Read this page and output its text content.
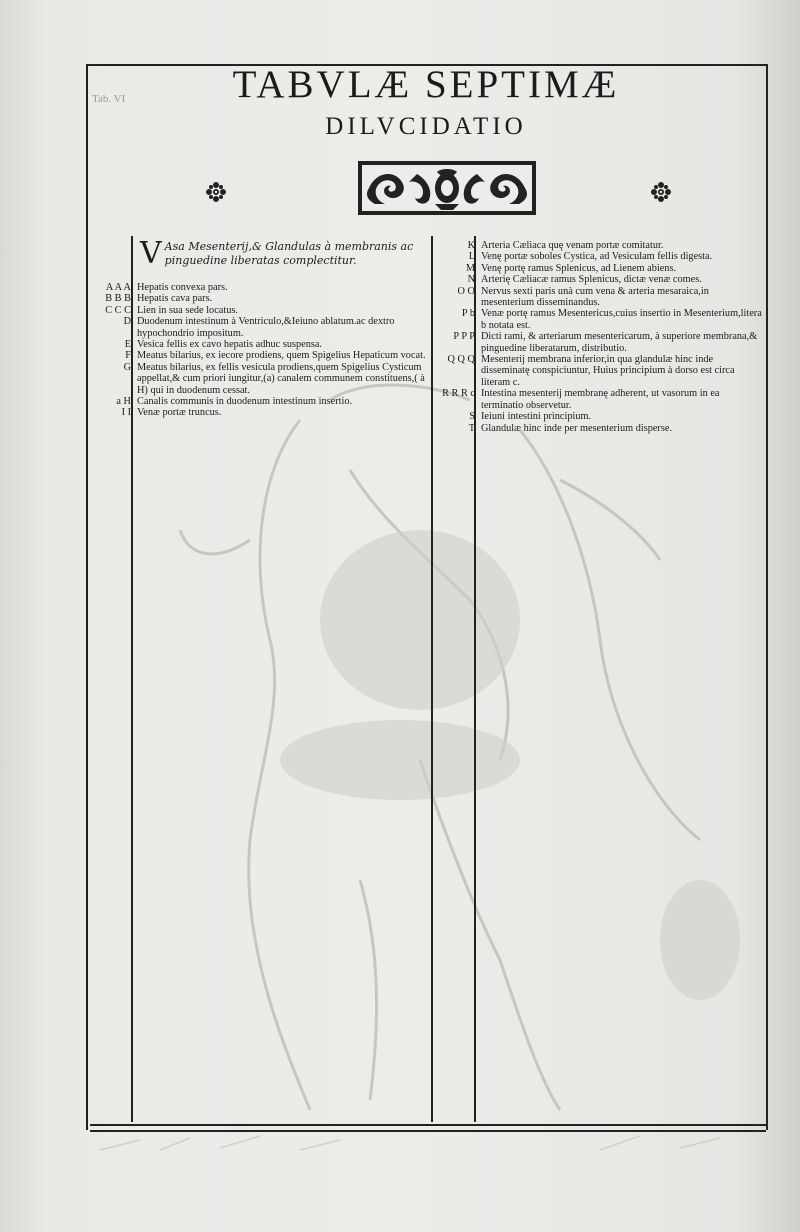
Tab. VI	TABVLÆ SEPTIMÆ
DILVCIDATIO
V Asa Mesenterij,& Glandulas à membranis ac pinguedine liberatas complectitur.
A A A Hepatis convexa pars.
B B B Hepatis cava pars.
C C C Lien in sua sede locatus.
D Duodenum intestinum à Ventriculo,&Ieiuno ablatum.ac dextro hypochondrio impositum.
E Vesica fellis ex cavo hepatis adhuc suspensa.
F Meatus bilarius, ex iecore prodiens, quem Spigelius Hepaticum vocat.
G Meatus bilarius, ex fellis vesicula prodiens,quem Spigelius Cysticum appellat,& cum priori iungitur,(a) canalem communem constituens,( à H) qui in duodenum cessat.
a H Canalis communis in duodenum intestinum insertio.
I I Venæ portæ truncus.
K Arteria Cæliaca quę venam portæ comitatur.
L Venę portæ soboles Cystica, ad Vesiculam fellis digesta.
M Venę portę ramus Splenicus, ad Lienem abiens.
N Arterię Cæliacæ ramus Splenicus, dictæ venæ comes.
O O Nervus sexti paris unà cum vena & arteria mesaraica,in mesenterium disseminandus.
P b Venæ portę ramus Mesentericus,cuius insertio in Mesenterium,litera b notata est.
P P P Dicti rami, & arteriarum mesentericarum, à superiore membrana,& pinguedine liberatarum, distributio.
Q Q Q Mesenterij membrana inferior,in qua glandulæ hinc inde disseminatę conspiciuntur, Huius principium à dorso est circa literam c.
R R R c Intestina mesenterij membranę adherent, ut vasorum in ea terminatio observetur.
S Ieiuni intestini principium.
T Glandulæ hinc inde per mesenterium disperse.
